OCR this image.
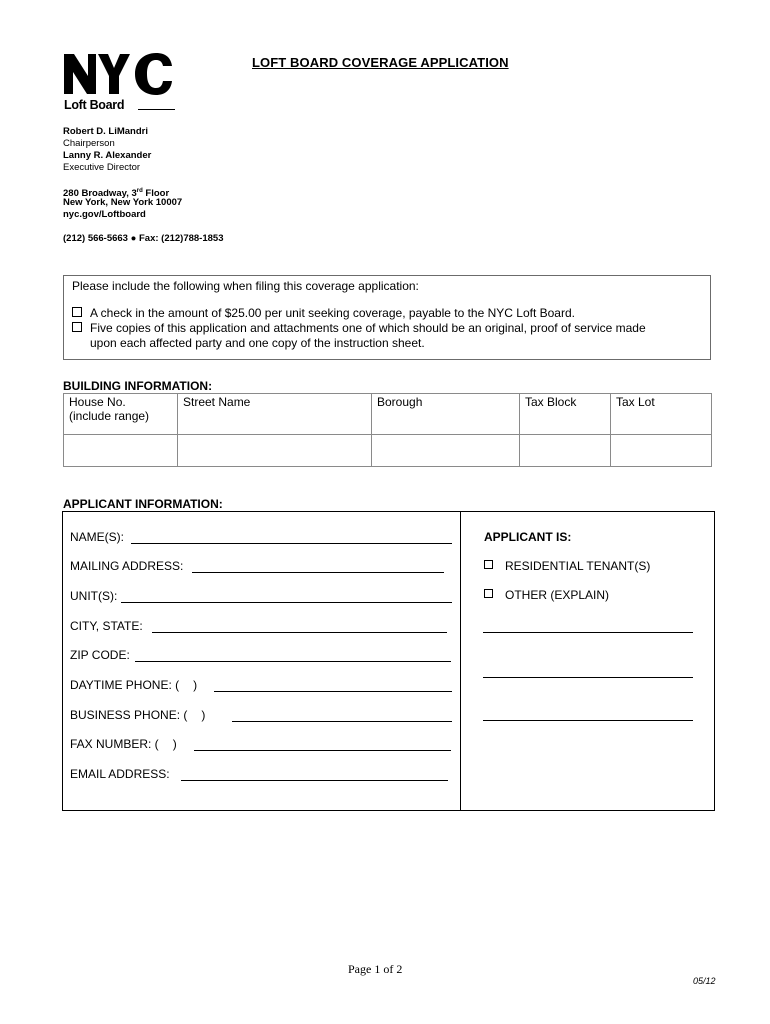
Loft Board
LOFT BOARD COVERAGE APPLICATION
Robert D. LiMandri
Chairperson
Lanny R. Alexander
Executive Director
280 Broadway, 3rd Floor
New York, New York 10007
nyc.gov/Loftboard
(212) 566-5663 ● Fax: (212)788-1853
Please include the following when filing this coverage application:
A check in the amount of $25.00 per unit seeking coverage, payable to the NYC Loft Board.
Five copies of this application and attachments one of which should be an original, proof of service made
upon each affected party and one copy of the instruction sheet.
BUILDING INFORMATION:
House No.
(include range)	Street Name	Borough	Tax Block	Tax Lot

APPLICANT INFORMATION:
NAME(S):
MAILING ADDRESS:
UNIT(S):
CITY, STATE:
ZIP CODE:
DAYTIME PHONE: ( )
BUSINESS PHONE: ( )
FAX NUMBER: ( )
EMAIL ADDRESS:
APPLICANT IS:
RESIDENTIAL TENANT(S)
OTHER (EXPLAIN)
Page 1 of 2
05/12
